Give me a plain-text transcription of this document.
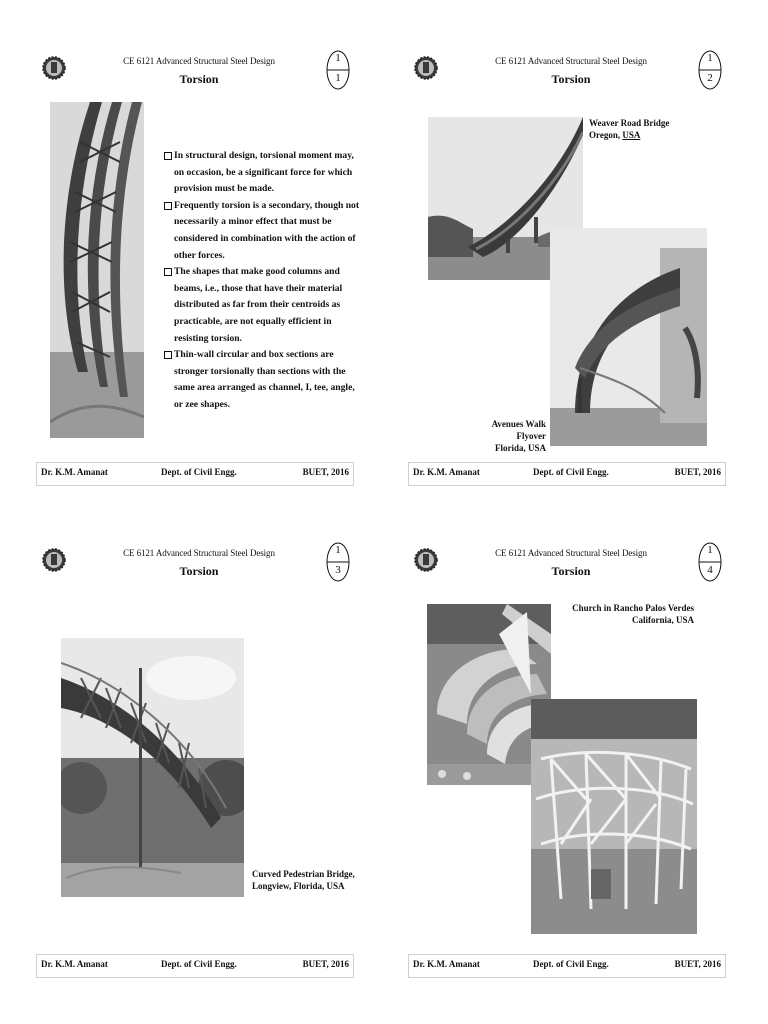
CE 6121 Advanced Structural Steel Design
Torsion
1
1
In structural design, torsional moment may, on occasion, be a significant force for which provision must be made.
Frequently torsion is a secondary, though not necessarily a minor effect that must be considered in combination with the action of other forces.
The shapes that make good columns and beams, i.e., those that have their material distributed as far from their centroids as practicable, are not equally efficient in resisting torsion.
Thin-wall circular and box sections are stronger torsionally than sections with the same area arranged as channel, I, tee, angle, or zee shapes.
Dr. K.M. Amanat	Dept. of Civil Engg.	BUET, 2016
CE 6121 Advanced Structural Steel Design
Torsion
1
2
Weaver Road Bridge
Oregon, USA
Avenues Walk Flyover
Florida, USA
Dr. K.M. Amanat	Dept. of Civil Engg.	BUET, 2016
CE 6121 Advanced Structural Steel Design
Torsion
1
3
Curved Pedestrian Bridge,
Longview, Florida, USA
Dr. K.M. Amanat	Dept. of Civil Engg.	BUET, 2016
CE 6121 Advanced Structural Steel Design
Torsion
1
4
Church in Rancho Palos Verdes
California, USA
Dr. K.M. Amanat	Dept. of Civil Engg.	BUET, 2016
